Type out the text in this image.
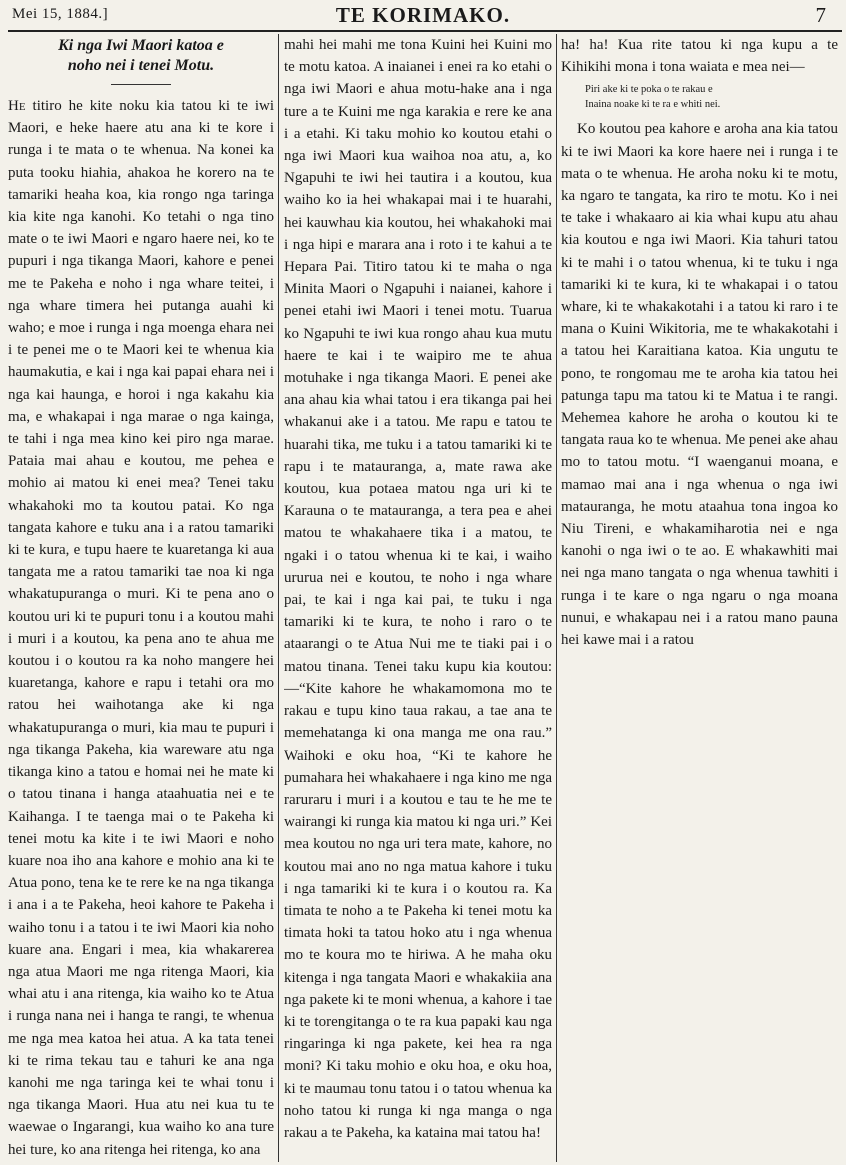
Mei 15, 1884.]	TE KORIMAKO.	7
Ki nga Iwi Maori katoa e
noho nei i tenei Motu.

He titiro he kite noku kia tatou ki te iwi Maori, e heke haere atu ana ki te kore i runga i te mata o te whenua. Na konei ka puta tooku hiahia, ahakoa he korero na te tamariki heaha koa, kia rongo nga taringa kia kite nga kanohi. Ko tetahi o nga tino mate o te iwi Maori e ngaro haere nei, ko te pupuri i nga tikanga Maori, kahore e penei me te Pakeha e noho i nga whare teitei, i nga whare timera hei putanga auahi ki waho; e moe i runga i nga moenga ehara nei i te penei me o te Maori kei te whenua kia haumakutia, e kai i nga kai papai ehara nei i nga kai haunga, e horoi i nga kakahu kia ma, e whakapai i nga marae o nga kainga, te tahi i nga mea kino kei piro nga marae. Pataia mai ahau e koutou, me pehea e mohio ai matou ki enei mea? Tenei taku whakahoki mo ta koutou patai. Ko nga tangata kahore e tuku ana i a ratou tamariki ki te kura, e tupu haere te kuaretanga ki aua tangata me a ratou tamariki tae noa ki nga whakatupuranga o muri. Ki te pena ano o koutou uri ki te pupuri tonu i a koutou mahi i muri i a koutou, ka pena ano te ahua me koutou i o koutou ra ka noho mangere hei kuaretanga, kahore e rapu i tetahi ora mo ratou hei waihotanga ake ki nga whakatupuranga o muri, kia mau te pupuri i nga tikanga Pakeha, kia wareware atu nga tikanga kino a tatou e homai nei he mate ki o tatou tinana i hanga ataahuatia nei e te Kaihanga. I te taenga mai o te Pakeha ki tenei motu ka kite i te iwi Maori e noho kuare noa iho ana kahore e mohio ana ki te Atua pono, tena ke te rere ke na nga tikanga i ana i a te Pakeha, heoi kahore te Pakeha i waiho tonu i a tatou i te iwi Maori kia noho kuare ana. Engari i mea, kia whakarerea nga atua Maori me nga ritenga Maori, kia whai atu i ana ritenga, kia waiho ko te Atua i runga nana nei i hanga te rangi, te whenua me nga mea katoa hei atua. A ka tata tenei ki te rima tekau tau e tahuri ke ana nga kanohi me nga taringa kei te whai tonu i nga tikanga Maori. Hua atu nei kua tu te waewae o Ingarangi, kua waiho ko ana ture hei ture, ko ana ritenga hei ritenga, ko ana

mahi hei mahi me tona Kuini hei Kuini mo te motu katoa. A inaianei i enei ra ko etahi o nga iwi Maori e ahua motu-hake ana i nga ture a te Kuini me nga karakia e rere ke ana i a etahi. Ki taku mohio ko koutou etahi o nga iwi Maori kua waihoa noa atu, a, ko Ngapuhi te iwi hei tautira i a koutou, kua waiho ko ia hei whakapai mai i te huarahi, hei kauwhau kia koutou, hei whakahoki mai i nga hipi e marara ana i roto i te kahui a te Hepara Pai. Titiro tatou ki te maha o nga Minita Maori o Ngapuhi i naianei, kahore i penei etahi iwi Maori i tenei motu. Tuarua ko Ngapuhi te iwi kua rongo ahau kua mutu haere te kai i te waipiro me te ahua motuhake i nga tikanga Maori. E penei ake ana ahau kia whai tatou i era tikanga pai hei whakanui ake i a tatou. Me rapu e tatou te huarahi tika, me tuku i a tatou tamariki ki te rapu i te matauranga, a, mate rawa ake koutou, kua potaea matou nga uri ki te Karauna o te matauranga, a tera pea e ahei matou te whakahaere tika i a matou, te ngaki i o tatou whenua ki te kai, i waiho ururua nei e koutou, te noho i nga whare pai, te kai i nga kai pai, te tuku i nga tamariki ki te kura, te noho i raro o te ataarangi o te Atua Nui me te tiaki pai i o matou tinana. Tenei taku kupu kia koutou:—“Kite kahore he whakamomona mo te rakau e tupu kino taua rakau, a tae ana te memehatanga ki ona manga me ona rau.” Waihoki e oku hoa, “Ki te kahore he pumahara hei whakahaere i nga kino me nga raruraru i muri i a koutou e tau te he me te wairangi ki runga kia matou ki nga uri.” Kei mea koutou no nga uri tera mate, kahore, no koutou mai ano no nga matua kahore i tuku i nga tamariki ki te kura i o koutou ra. Ka timata te noho a te Pakeha ki tenei motu ka timata hoki ta tatou hoko atu i nga whenua mo te koura mo te hiriwa. A he maha oku kitenga i nga tangata Maori e whakakiia ana nga pakete ki te moni whenua, a kahore i tae ki te torengitanga o te ra kua papaki kau nga ringaringa ki nga pakete, kei hea ra nga moni? Ki taku mohio e oku hoa, e oku hoa, ki te maumau tonu tatou i o tatou whenua ka noho tatou ki runga ki nga manga o nga rakau a te Pakeha, ka kataina mai tatou ha!

ha! ha! Kua rite tatou ki nga kupu a te Kihikihi mona i tona waiata e mea nei—

Piri ake ki te poka o te rakau e
Inaina noake ki te ra e whiti nei.

Ko koutou pea kahore e aroha ana kia tatou ki te iwi Maori ka kore haere nei i runga i te mata o te whenua. He aroha noku ki te motu, ka ngaro te tangata, ka riro te motu. Ko i nei te take i whakaaro ai kia whai kupu atu ahau kia koutou e nga iwi Maori. Kia tahuri tatou ki te mahi i o tatou whenua, ki te tuku i nga tamariki ki te kura, ki te whakapai i o tatou whare, ki te whakakotahi i a tatou ki raro i te mana o Kuini Wikitoria, me te whakakotahi i a tatou hei Karaitiana katoa. Kia ungutu te pono, te rongomau me te aroha kia tatou hei patunga tapu ma tatou ki te Matua i te rangi. Mehemea kahore he aroha o koutou ki te tangata raua ko te whenua. Me penei ake ahau mo to tatou motu. “I waenganui moana, e mamao mai ana i nga whenua o nga iwi matauranga, he motu ataahua tona ingoa ko Niu Tireni, e whakamiharotia nei e nga kanohi o nga iwi o te ao. E whakawhiti mai nei nga mano tangata o nga whenua tawhiti i runga i te kare o nga ngaru o nga moana nunui, e whakapau nei i a ratou mano pauna hei kawe mai i a ratou
